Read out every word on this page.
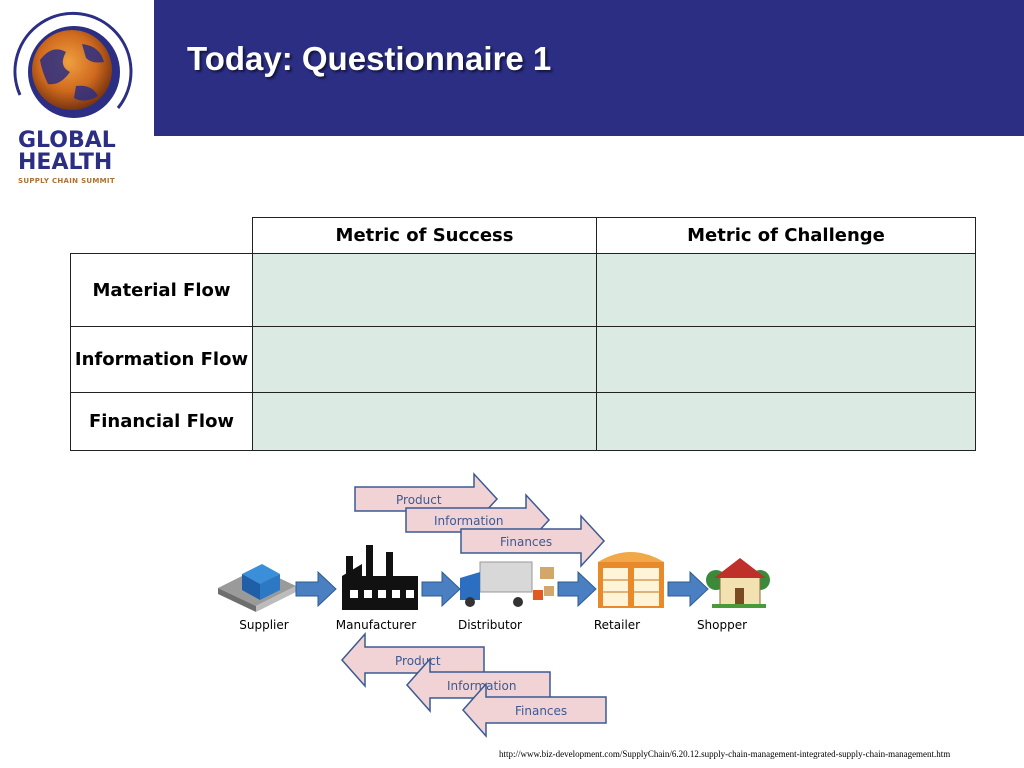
Today: Questionnaire 1
GLOBAL
HEALTH
SUPPLY CHAIN SUMMIT
	Metric of Success	Metric of Challenge
Material Flow		
Information Flow		
Financial Flow		
Product
Information
Finances
Supplier	Manufacturer	Distributor	Retailer	Shopper
Product
Information
Finances
http://www.biz-development.com/SupplyChain/6.20.12.supply-chain-management-integrated-supply-chain-management.htm
